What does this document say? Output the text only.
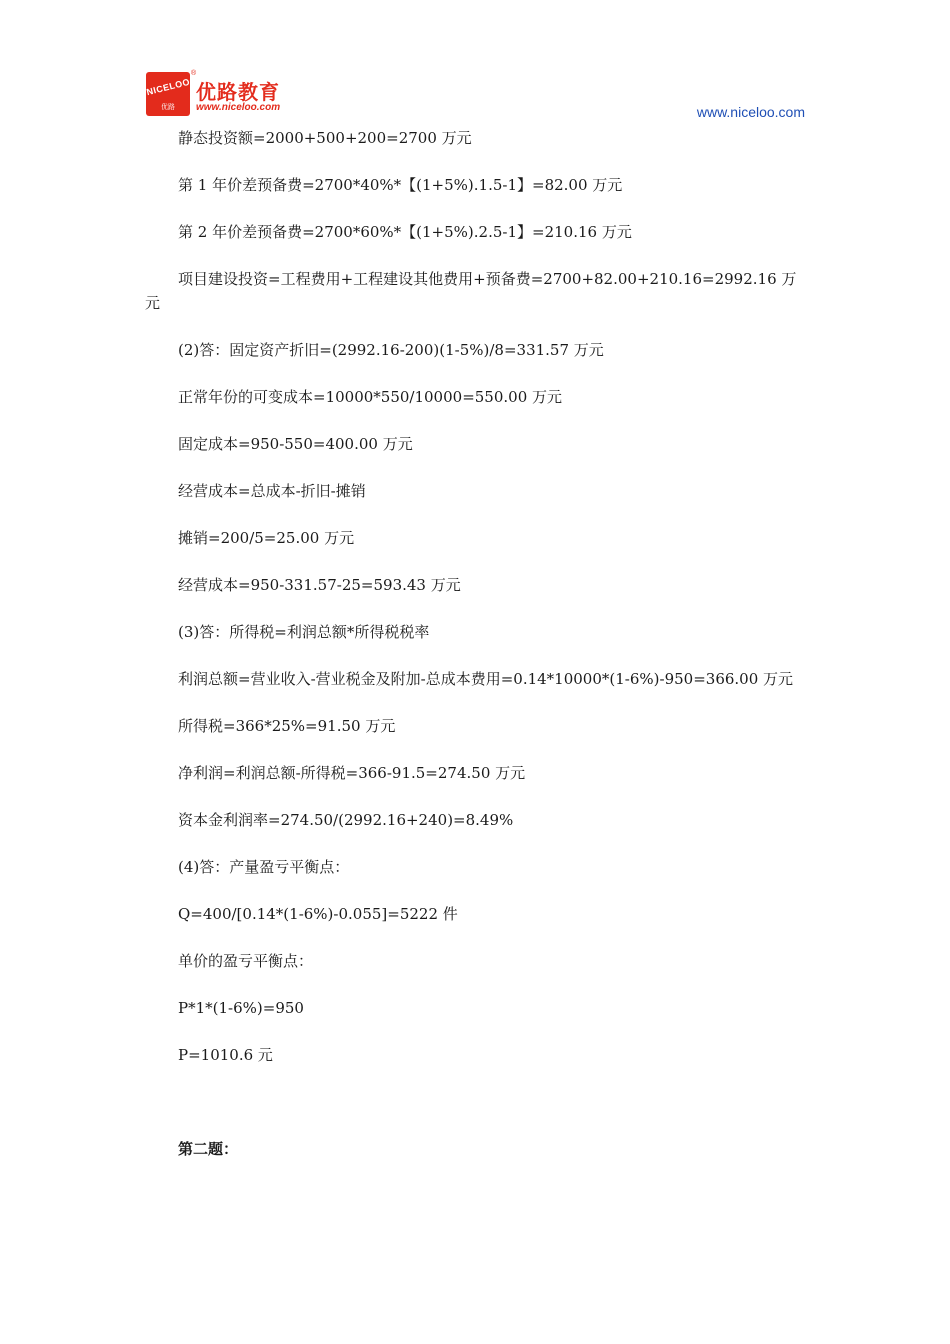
NICELOO
优路
®
优路教育
www.niceloo.com	www.niceloo.com

静态投资额=2000+500+200=2700 万元

第 1 年价差预备费=2700*40%*【(1+5%).1.5-1】=82.00 万元

第 2 年价差预备费=2700*60%*【(1+5%).2.5-1】=210.16 万元

项目建设投资=工程费用+工程建设其他费用+预备费=2700+82.00+210.16=2992.16 万元

(2)答：固定资产折旧=(2992.16-200)(1-5%)/8=331.57 万元

正常年份的可变成本=10000*550/10000=550.00 万元

固定成本=950-550=400.00 万元

经营成本=总成本-折旧-摊销

摊销=200/5=25.00 万元

经营成本=950-331.57-25=593.43 万元

(3)答：所得税=利润总额*所得税税率

利润总额=营业收入-营业税金及附加-总成本费用=0.14*10000*(1-6%)-950=366.00 万元

所得税=366*25%=91.50 万元

净利润=利润总额-所得税=366-91.5=274.50 万元

资本金利润率=274.50/(2992.16+240)=8.49%

(4)答：产量盈亏平衡点：

Q=400/[0.14*(1-6%)-0.055]=5222 件

单价的盈亏平衡点：

P*1*(1-6%)=950

P=1010.6 元

第二题：
